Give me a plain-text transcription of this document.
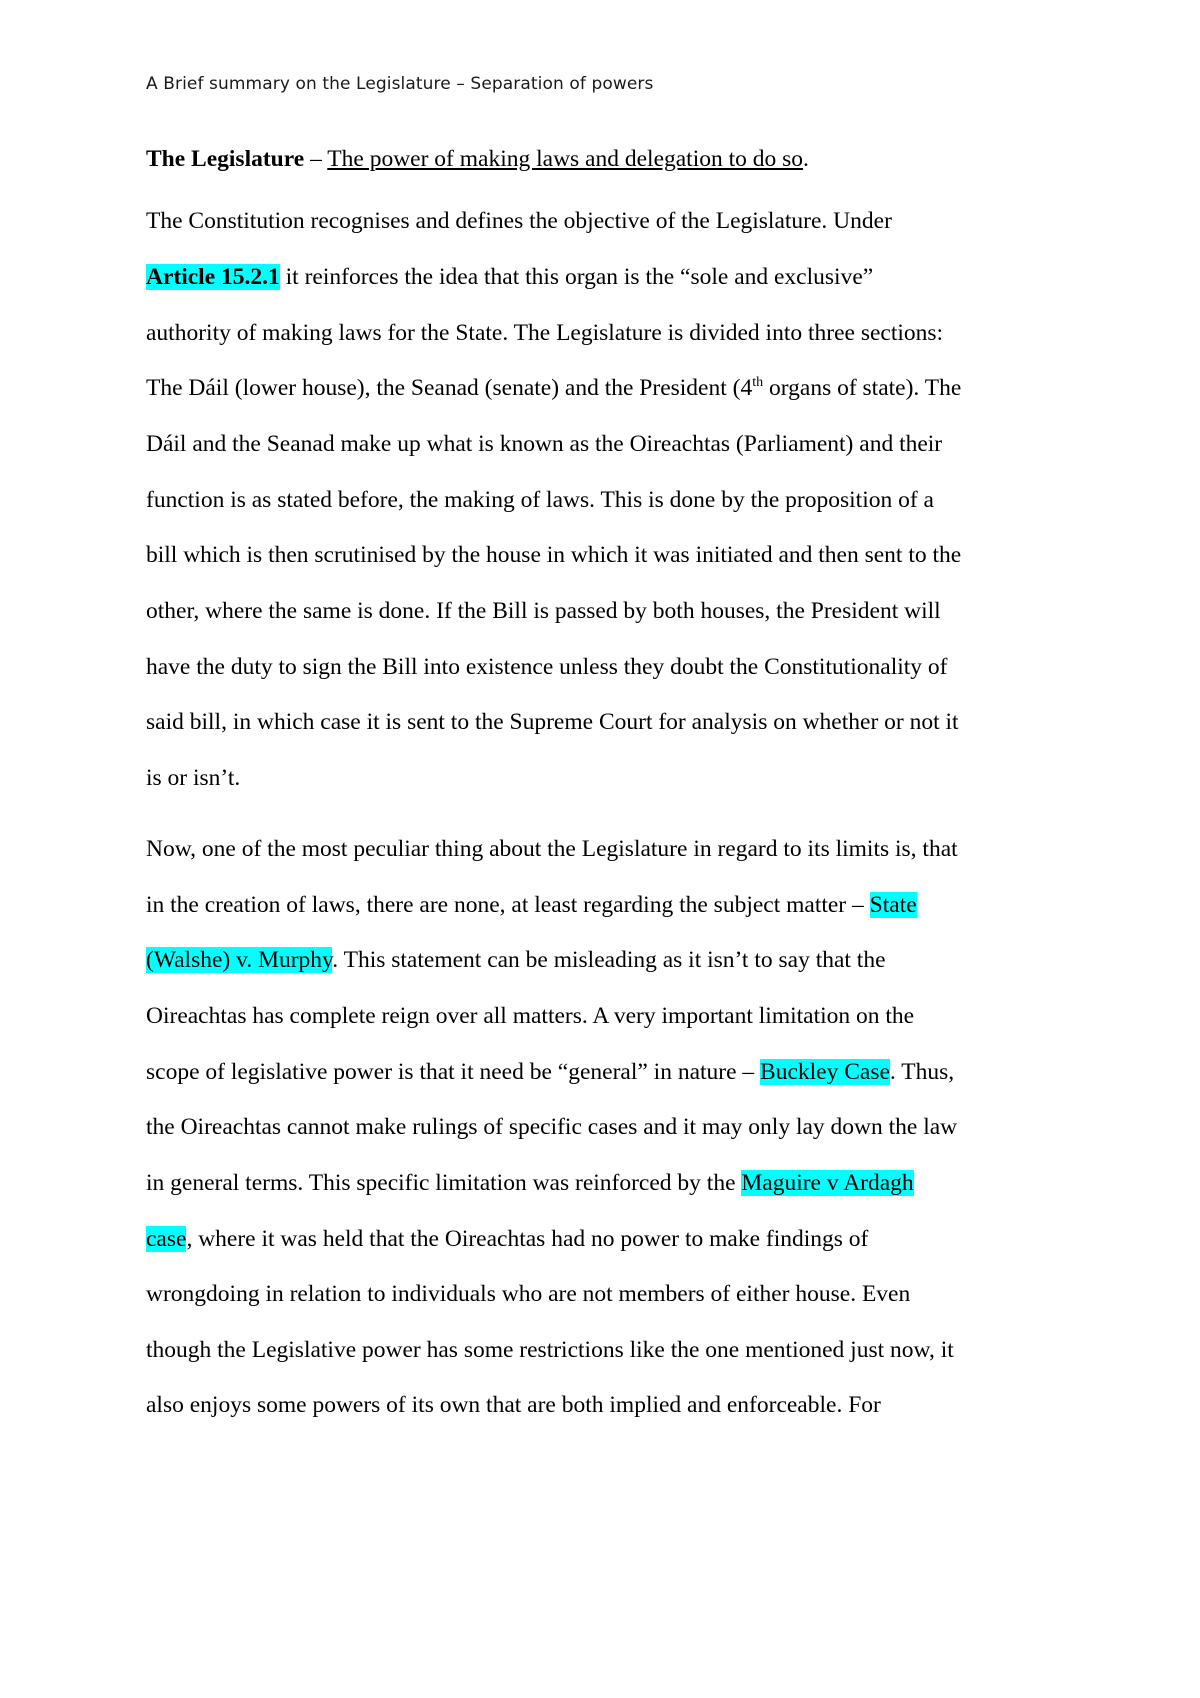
A Brief summary on the Legislature – Separation of powers
The Legislature – The power of making laws and delegation to do so.
The Constitution recognises and defines the objective of the Legislature. Under
Article 15.2.1 it reinforces the idea that this organ is the “sole and exclusive”
authority of making laws for the State. The Legislature is divided into three sections:
The Dáil (lower house), the Seanad (senate) and the President (4th organs of state). The
Dáil and the Seanad make up what is known as the Oireachtas (Parliament) and their
function is as stated before, the making of laws. This is done by the proposition of a
bill which is then scrutinised by the house in which it was initiated and then sent to the
other, where the same is done. If the Bill is passed by both houses, the President will
have the duty to sign the Bill into existence unless they doubt the Constitutionality of
said bill, in which case it is sent to the Supreme Court for analysis on whether or not it
is or isn’t.
Now, one of the most peculiar thing about the Legislature in regard to its limits is, that
in the creation of laws, there are none, at least regarding the subject matter – State
(Walshe) v. Murphy. This statement can be misleading as it isn’t to say that the
Oireachtas has complete reign over all matters. A very important limitation on the
scope of legislative power is that it need be “general” in nature – Buckley Case. Thus,
the Oireachtas cannot make rulings of specific cases and it may only lay down the law
in general terms. This specific limitation was reinforced by the Maguire v Ardagh
case, where it was held that the Oireachtas had no power to make findings of
wrongdoing in relation to individuals who are not members of either house. Even
though the Legislative power has some restrictions like the one mentioned just now, it
also enjoys some powers of its own that are both implied and enforceable. For
